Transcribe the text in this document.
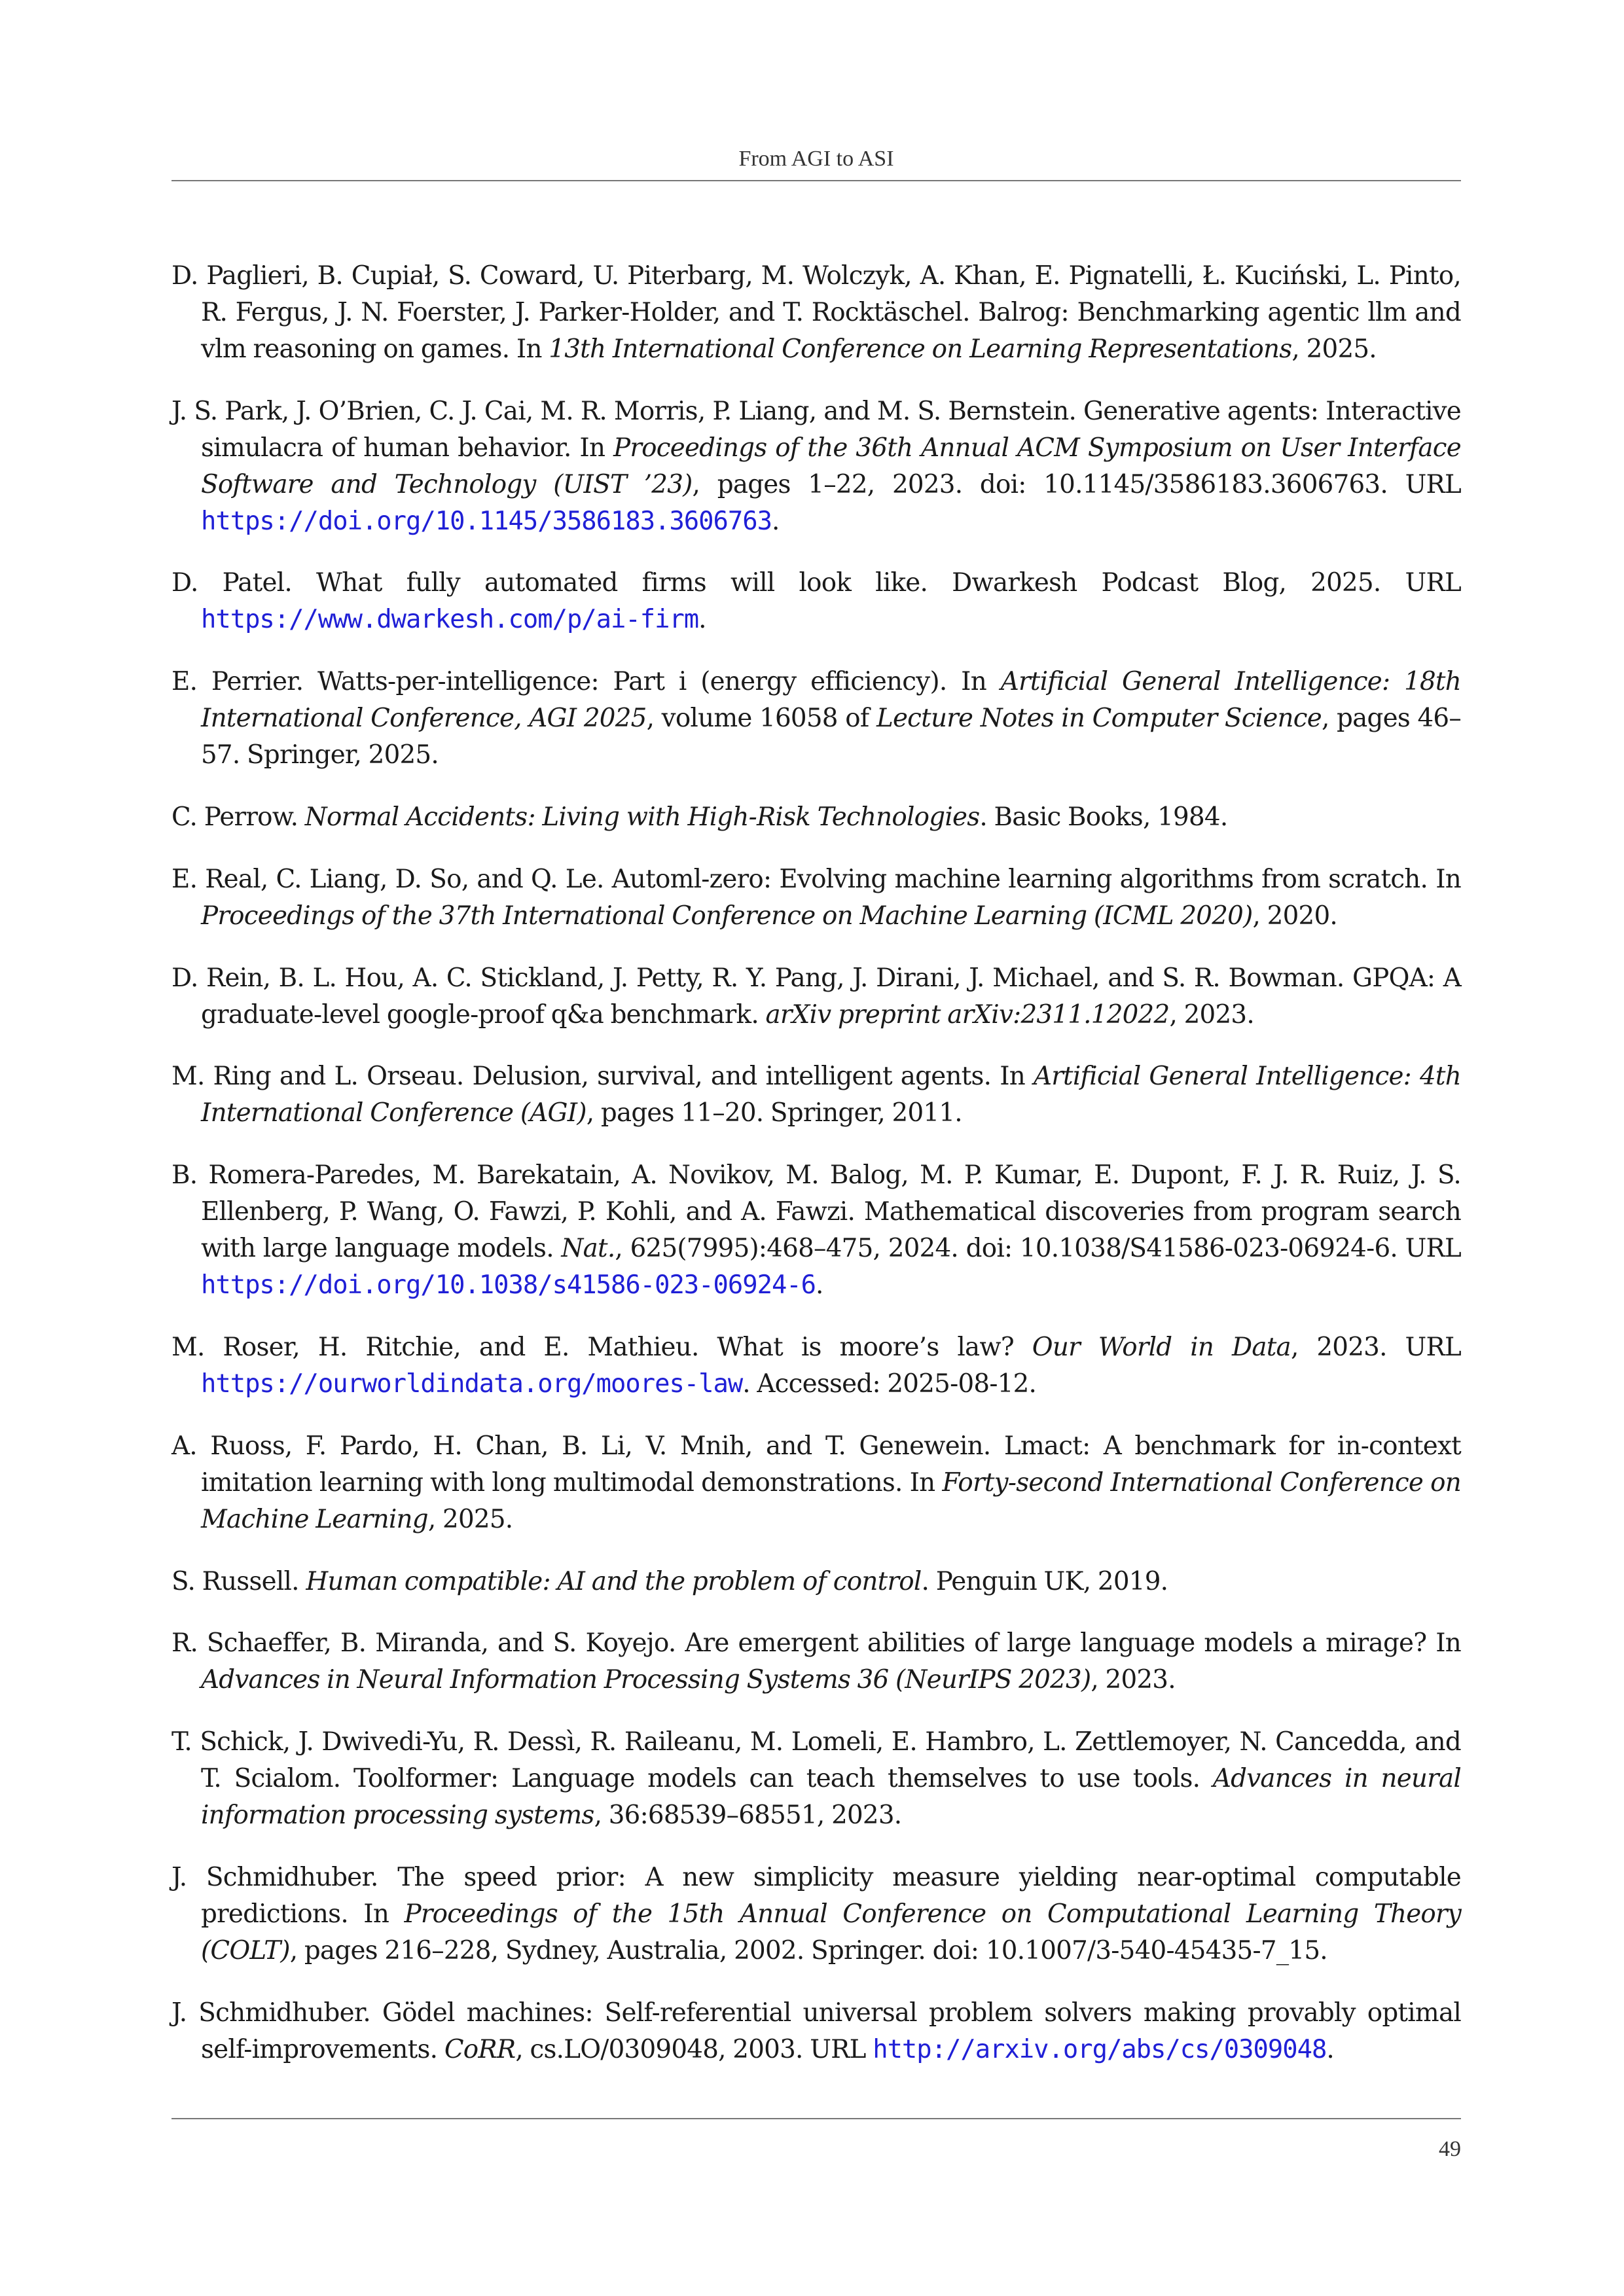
From AGI to ASI

D. Paglieri, B. Cupiał, S. Coward, U. Piterbarg, M. Wolczyk, A. Khan, E. Pignatelli, Ł. Kuciński, L. Pinto, R. Fergus, J. N. Foerster, J. Parker-Holder, and T. Rocktäschel. Balrog: Benchmarking agentic llm and vlm reasoning on games. In 13th International Conference on Learning Representations, 2025.

J. S. Park, J. O’Brien, C. J. Cai, M. R. Morris, P. Liang, and M. S. Bernstein. Generative agents: Interactive simulacra of human behavior. In Proceedings of the 36th Annual ACM Symposium on User Interface Software and Technology (UIST ’23), pages 1–22, 2023. doi: 10.1145/3586183.3606763. URL https://doi.org/10.1145/3586183.3606763.

D. Patel. What fully automated firms will look like. Dwarkesh Podcast Blog, 2025. URL https://www.dwarkesh.com/p/ai-firm.

E. Perrier. Watts-per-intelligence: Part i (energy efficiency). In Artificial General Intelligence: 18th International Conference, AGI 2025, volume 16058 of Lecture Notes in Computer Science, pages 46–57. Springer, 2025.

C. Perrow. Normal Accidents: Living with High-Risk Technologies. Basic Books, 1984.

E. Real, C. Liang, D. So, and Q. Le. Automl-zero: Evolving machine learning algorithms from scratch. In Proceedings of the 37th International Conference on Machine Learning (ICML 2020), 2020.

D. Rein, B. L. Hou, A. C. Stickland, J. Petty, R. Y. Pang, J. Dirani, J. Michael, and S. R. Bowman. GPQA: A graduate-level google-proof q&a benchmark. arXiv preprint arXiv:2311.12022, 2023.

M. Ring and L. Orseau. Delusion, survival, and intelligent agents. In Artificial General Intelligence: 4th International Conference (AGI), pages 11–20. Springer, 2011.

B. Romera-Paredes, M. Barekatain, A. Novikov, M. Balog, M. P. Kumar, E. Dupont, F. J. R. Ruiz, J. S. Ellenberg, P. Wang, O. Fawzi, P. Kohli, and A. Fawzi. Mathematical discoveries from program search with large language models. Nat., 625(7995):468–475, 2024. doi: 10.1038/S41586-023-06924-6. URL https://doi.org/10.1038/s41586-023-06924-6.

M. Roser, H. Ritchie, and E. Mathieu. What is moore’s law? Our World in Data, 2023. URL https://ourworldindata.org/moores-law. Accessed: 2025-08-12.

A. Ruoss, F. Pardo, H. Chan, B. Li, V. Mnih, and T. Genewein. Lmact: A benchmark for in-context imitation learning with long multimodal demonstrations. In Forty-second International Conference on Machine Learning, 2025.

S. Russell. Human compatible: AI and the problem of control. Penguin UK, 2019.

R. Schaeffer, B. Miranda, and S. Koyejo. Are emergent abilities of large language models a mirage? In Advances in Neural Information Processing Systems 36 (NeurIPS 2023), 2023.

T. Schick, J. Dwivedi-Yu, R. Dessì, R. Raileanu, M. Lomeli, E. Hambro, L. Zettlemoyer, N. Cancedda, and T. Scialom. Toolformer: Language models can teach themselves to use tools. Advances in neural information processing systems, 36:68539–68551, 2023.

J. Schmidhuber. The speed prior: A new simplicity measure yielding near-optimal computable predictions. In Proceedings of the 15th Annual Conference on Computational Learning Theory (COLT), pages 216–228, Sydney, Australia, 2002. Springer. doi: 10.1007/3-540-45435-7_15.

J. Schmidhuber. Gödel machines: Self-referential universal problem solvers making provably optimal self-improvements. CoRR, cs.LO/0309048, 2003. URL http://arxiv.org/abs/cs/0309048.

49
